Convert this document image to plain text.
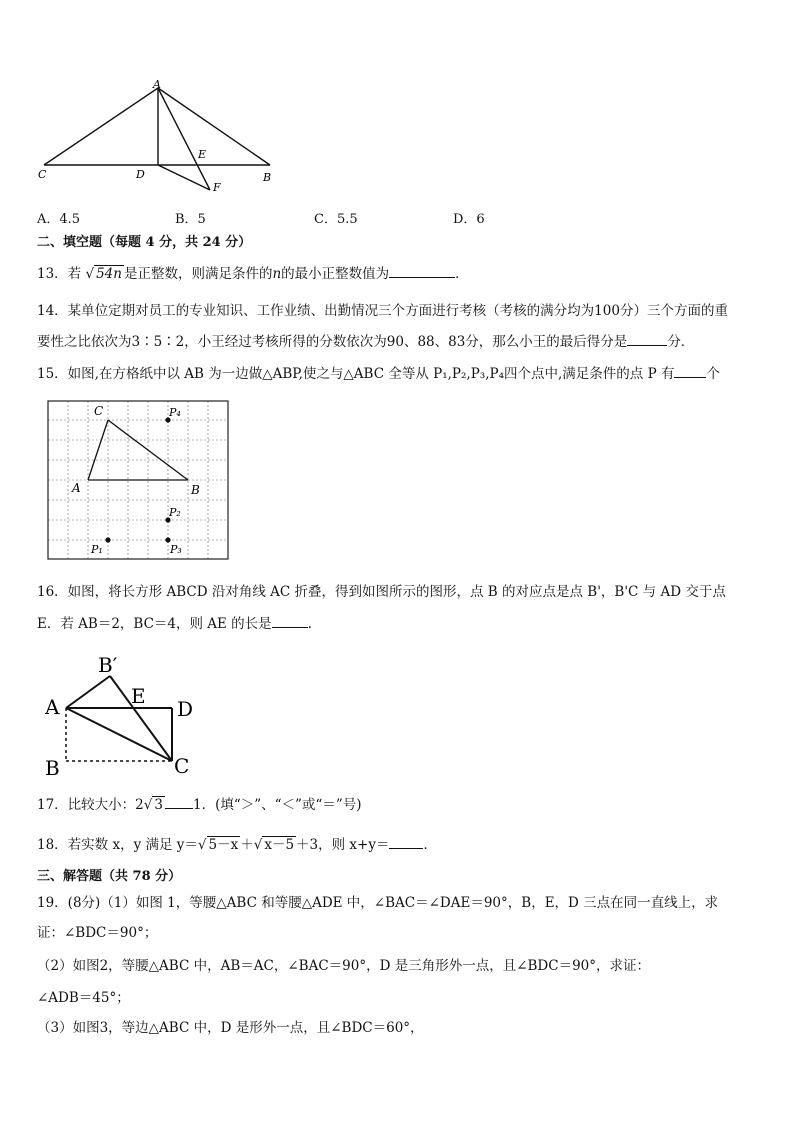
A
C	D
E
B
F
A．4.5	B．5	C．5.5	D．6
二、填空题（每题 4 分，共 24 分）
13．若 √ 54n 是正整数，则满足条件的n的最小正整数值为	．
14．某单位定期对员工的专业知识、工作业绩、出勤情况三个方面进行考核（考核的满分均为100分）三个方面的重
要性之比依次为3∶5∶2，小王经过考核所得的分数依次为90、88、83分，那么小王的最后得分是	分．
15．如图,在方格纸中以 AB 为一边做△ABP,使之与△ABC 全等从 P₁,P₂,P₃,P₄四个点中,满足条件的点 P 有 个
C
A	B
P₄
P₂
P₁	P₃
16．如图，将长方形 ABCD 沿对角线 AC 折叠，得到如图所示的图形，点 B 的对应点是点 B'，B'C 与 AD 交于点
E．若 AB＝2，BC＝4，则 AE 的长是	．
B′
A	E
D
B	C
17．比较大小：2√ 3 1．(填“＞”、“＜”或“＝”号)
18．若实数 x，y 满足 y＝√ 5－x ＋√ x－5 ＋3，则 x+y＝	．
三、解答题（共 78 分）
19．(8分)（1）如图 1，等腰△ABC 和等腰△ADE 中，∠BAC＝∠DAE＝90°，B，E，D 三点在同一直线上，求
证：∠BDC＝90°；
（2）如图2，等腰△ABC 中，AB＝AC，∠BAC＝90°，D 是三角形外一点，且∠BDC＝90°，求证：
∠ADB＝45°；
（3）如图3，等边△ABC 中，D 是形外一点，且∠BDC＝60°，
